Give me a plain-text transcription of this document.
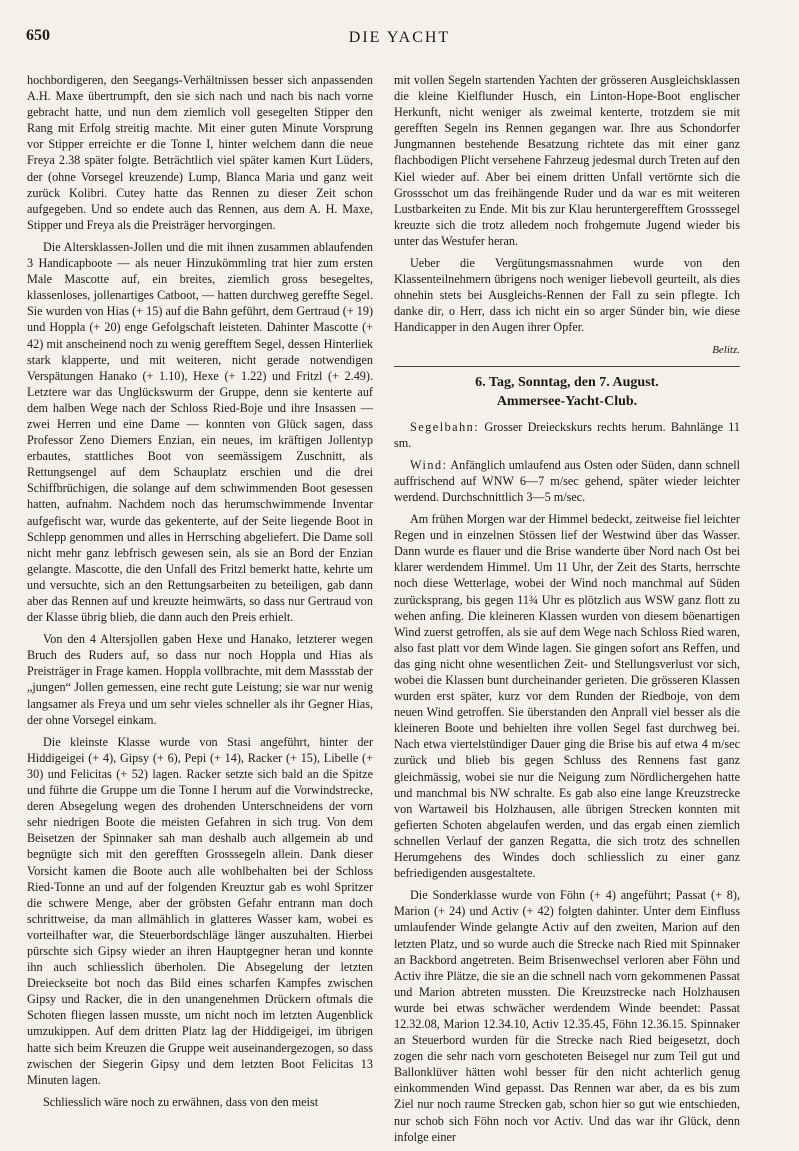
650	DIE YACHT

hochbordigeren, den Seegangs-Verhältnissen besser sich anpassenden A.H. Maxe übertrumpft, den sie sich nach und nach bis nach vorne gebracht hatte, und nun dem ziemlich voll gesegelten Stipper den Rang mit Erfolg streitig machte. Mit einer guten Minute Vorsprung vor Stipper erreichte er die Tonne I, hinter welchem dann die neue Freya 2.38 später folgte. Beträchtlich viel später kamen Kurt Lüders, der (ohne Vorsegel kreuzende) Lump, Blanca Maria und ganz weit zurück Kolibri. Cutey hatte das Rennen zu dieser Zeit schon aufgegeben. Und so endete auch das Rennen, aus dem A. H. Maxe, Stipper und Freya als die Preisträger hervorgingen.

Die Altersklassen-Jollen und die mit ihnen zusammen ablaufenden 3 Handicapboote — als neuer Hinzukömmling trat hier zum ersten Male Mascotte auf, ein breites, ziemlich gross besegeltes, klassenloses, jollenartiges Catboot, — hatten durchweg gereffte Segel. Sie wurden von Hias (+ 15) auf die Bahn geführt, dem Gertraud (+ 19) und Hoppla (+ 20) enge Gefolgschaft leisteten. Dahinter Mascotte (+ 42) mit anscheinend noch zu wenig gerefftem Segel, dessen Hinterliek stark klapperte, und mit weiteren, nicht gerade notwendigen Verspätungen Hanako (+ 1.10), Hexe (+ 1.22) und Fritzl (+ 2.49). Letztere war das Unglückswurm der Gruppe, denn sie kenterte auf dem halben Wege nach der Schloss Ried-Boje und ihre Insassen — zwei Herren und eine Dame — konnten von Glück sagen, dass Professor Zeno Diemers Enzian, ein neues, im kräftigen Jollentyp erbautes, stattliches Boot von seemässigem Zuschnitt, als Rettungsengel auf dem Schauplatz erschien und die drei Schiffbrüchigen, die solange auf dem schwimmenden Boot gesessen hatten, aufnahm. Nachdem noch das herumschwimmende Inventar aufgefischt war, wurde das gekenterte, auf der Seite liegende Boot in Schlepp genommen und alles in Herrsching abgeliefert. Die Dame soll nicht mehr ganz lebfrisch gewesen sein, als sie an Bord der Enzian gelangte. Mascotte, die den Unfall des Fritzl bemerkt hatte, kehrte um und versuchte, sich an den Rettungsarbeiten zu beteiligen, gab dann aber das Rennen auf und kreuzte heimwärts, so dass nur Gertraud von der Klasse übrig blieb, die dann auch den Preis erhielt.

Von den 4 Altersjollen gaben Hexe und Hanako, letzterer wegen Bruch des Ruders auf, so dass nur noch Hoppla und Hias als Preisträger in Frage kamen. Hoppla vollbrachte, mit dem Massstab der „jungen“ Jollen gemessen, eine recht gute Leistung; sie war nur wenig langsamer als Freya und um sehr vieles schneller als ihr Gegner Hias, der ohne Vorsegel einkam.

Die kleinste Klasse wurde von Stasi angeführt, hinter der Hiddigeigei (+ 4), Gipsy (+ 6), Pepi (+ 14), Racker (+ 15), Libelle (+ 30) und Felicitas (+ 52) lagen. Racker setzte sich bald an die Spitze und führte die Gruppe um die Tonne I herum auf die Vorwindstrecke, deren Absegelung wegen des drohenden Unterschneidens der vorn sehr niedrigen Boote die meisten Gefahren in sich trug. Von dem Beisetzen der Spinnaker sah man deshalb auch allgemein ab und begnügte sich mit den gerefften Grosssegeln allein. Dank dieser Vorsicht kamen die Boote auch alle wohlbehalten bei der Schloss Ried-Tonne an und auf der folgenden Kreuztur gab es wohl Spritzer die schwere Menge, aber der gröbsten Gefahr entrann man doch schrittweise, da man allmählich in glatteres Wasser kam, wobei es vorteilhafter war, die Steuerbordschläge länger auszuhalten. Hierbei pürschte sich Gipsy wieder an ihren Hauptgegner heran und konnte ihn auch schliesslich überholen. Die Absegelung der letzten Dreieckseite bot noch das Bild eines scharfen Kampfes zwischen Gipsy und Racker, die in den unangenehmen Drückern oftmals die Schoten fliegen lassen musste, um nicht noch im letzten Augenblick umzukippen. Auf dem dritten Platz lag der Hiddigeigei, im übrigen hatte sich beim Kreuzen die Gruppe weit auseinandergezogen, so dass zwischen der Siegerin Gipsy und dem letzten Boot Felicitas 13 Minuten lagen.

Schliesslich wäre noch zu erwähnen, dass von den meist

mit vollen Segeln startenden Yachten der grösseren Ausgleichsklassen die kleine Kielflunder Husch, ein Linton-Hope-Boot englischer Herkunft, nicht weniger als zweimal kenterte, trotzdem sie mit gerefften Segeln ins Rennen gegangen war. Ihre aus Schondorfer Jungmannen bestehende Besatzung richtete das mit einer ganz flachbodigen Plicht versehene Fahrzeug jedesmal durch Treten auf den Kiel wieder auf. Aber bei einem dritten Unfall vertörnte sich die Grossschot um das freihängende Ruder und da war es mit weiteren Lustbarkeiten zu Ende. Mit bis zur Klau heruntergerefftem Grosssegel kreuzte sich die trotz alledem noch frohgemute Jugend wieder bis unter das Westufer heran.

Ueber die Vergütungsmassnahmen wurde von den Klassenteilnehmern übrigens noch weniger liebevoll geurteilt, als dies ohnehin stets bei Ausgleichs-Rennen der Fall zu sein pflegte. Ich danke dir, o Herr, dass ich nicht ein so arger Sünder bin, wie diese Handicapper in den Augen ihrer Opfer.

Belitz.
6. Tag, Sonntag, den 7. August.
Ammersee-Yacht-Club.

Segelbahn: Grosser Dreieckskurs rechts herum. Bahnlänge 11 sm.

Wind: Anfänglich umlaufend aus Osten oder Süden, dann schnell auffrischend auf WNW 6—7 m/sec gehend, später wieder leichter werdend. Durchschnittlich 3—5 m/sec.

Am frühen Morgen war der Himmel bedeckt, zeitweise fiel leichter Regen und in einzelnen Stössen lief der Westwind über das Wasser. Dann wurde es flauer und die Brise wanderte über Nord nach Ost bei klarer werdendem Himmel. Um 11 Uhr, der Zeit des Starts, herrschte noch diese Wetterlage, wobei der Wind noch manchmal auf Süden zurücksprang, bis gegen 11¾ Uhr es plötzlich aus WSW ganz flott zu wehen anfing. Die kleineren Klassen wurden von diesem böenartigen Wind zuerst getroffen, als sie auf dem Wege nach Schloss Ried waren, also fast platt vor dem Winde lagen. Sie gingen sofort ans Reffen, und das ging nicht ohne wesentlichen Zeit- und Stellungsverlust vor sich, wobei die Klassen bunt durcheinander gerieten. Die grösseren Klassen wurden erst später, kurz vor dem Runden der Riedboje, von dem neuen Wind getroffen. Sie überstanden den Anprall viel besser als die kleineren Boote und behielten ihre vollen Segel fast durchweg bei. Nach etwa viertelstündiger Dauer ging die Brise bis auf etwa 4 m/sec zurück und blieb bis gegen Schluss des Rennens fast ganz gleichmässig, wobei sie nur die Neigung zum Nördlichergehen hatte und manchmal bis NW schralte. Es gab also eine lange Kreuzstrecke von Wartaweil bis Holzhausen, alle übrigen Strecken konnten mit gefierten Schoten abgelaufen werden, und das ergab einen ziemlich schnellen Verlauf der ganzen Regatta, die sich trotz des schnellen Herumgehens des Windes doch schliesslich zu einer ganz befriedigenden ausgestaltete.

Die Sonderklasse wurde von Föhn (+ 4) angeführt; Passat (+ 8), Marion (+ 24) und Activ (+ 42) folgten dahinter. Unter dem Einfluss umlaufender Winde gelangte Activ auf den zweiten, Marion auf den letzten Platz, und so wurde auch die Strecke nach Ried mit Spinnaker an Backbord angetreten. Beim Brisenwechsel verloren aber Föhn und Activ ihre Plätze, die sie an die schnell nach vorn gekommenen Passat und Marion abtreten mussten. Die Kreuzstrecke nach Holzhausen wurde bei etwas schwächer werdendem Winde beendet: Passat 12.32.08, Marion 12.34.10, Activ 12.35.45, Föhn 12.36.15. Spinnaker an Steuerbord wurden für die Strecke nach Ried beigesetzt, doch zogen die sehr nach vorn geschoteten Beisegel nur zum Teil gut und Ballonklüver hätten wohl besser für den nicht achterlich genug einkommenden Wind gepasst. Das Rennen war aber, da es bis zum Ziel nur noch raume Strecken gab, schon hier so gut wie entschieden, nur schob sich Föhn noch vor Activ. Und das war ihr Glück, denn infolge einer
